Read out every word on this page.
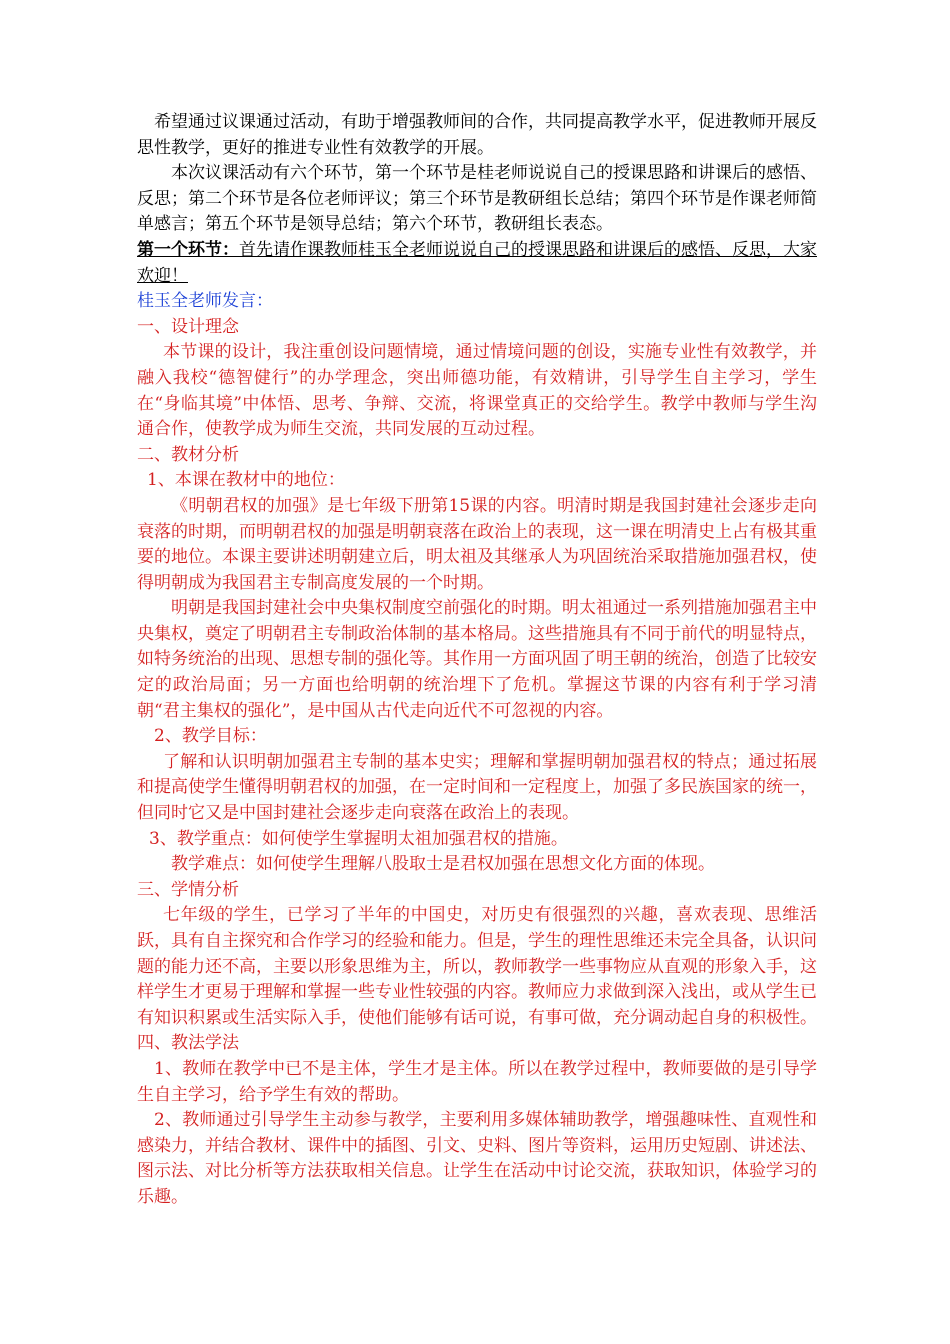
希望通过议课通过活动，有助于增强教师间的合作，共同提高教学水平，促进教师开展反思性教学，更好的推进专业性有效教学的开展。

本次议课活动有六个环节，第一个环节是桂老师说说自己的授课思路和讲课后的感悟、反思；第二个环节是各位老师评议；第三个环节是教研组长总结；第四个环节是作课老师简单感言；第五个环节是领导总结；第六个环节，教研组长表态。

第一个环节：首先请作课教师桂玉全老师说说自己的授课思路和讲课后的感悟、反思，大家欢迎！

桂玉全老师发言：

一、设计理念

本节课的设计，我注重创设问题情境，通过情境问题的创设，实施专业性有效教学，并融入我校“德智健行”的办学理念，突出师德功能，有效精讲，引导学生自主学习，学生在“身临其境”中体悟、思考、争辩、交流，将课堂真正的交给学生。教学中教师与学生沟通合作，使教学成为师生交流，共同发展的互动过程。

二、教材分析

1、本课在教材中的地位：

《明朝君权的加强》是七年级下册第15课的内容。明清时期是我国封建社会逐步走向衰落的时期，而明朝君权的加强是明朝衰落在政治上的表现，这一课在明清史上占有极其重要的地位。本课主要讲述明朝建立后，明太祖及其继承人为巩固统治采取措施加强君权，使得明朝成为我国君主专制高度发展的一个时期。

明朝是我国封建社会中央集权制度空前强化的时期。明太祖通过一系列措施加强君主中央集权，奠定了明朝君主专制政治体制的基本格局。这些措施具有不同于前代的明显特点，如特务统治的出现、思想专制的强化等。其作用一方面巩固了明王朝的统治，创造了比较安定的政治局面；另一方面也给明朝的统治埋下了危机。掌握这节课的内容有利于学习清朝“君主集权的强化”，是中国从古代走向近代不可忽视的内容。

2、教学目标：

了解和认识明朝加强君主专制的基本史实；理解和掌握明朝加强君权的特点；通过拓展和提高使学生懂得明朝君权的加强，在一定时间和一定程度上，加强了多民族国家的统一，但同时它又是中国封建社会逐步走向衰落在政治上的表现。

3、教学重点：如何使学生掌握明太祖加强君权的措施。

教学难点：如何使学生理解八股取士是君权加强在思想文化方面的体现。

三、学情分析

七年级的学生，已学习了半年的中国史，对历史有很强烈的兴趣，喜欢表现、思维活跃，具有自主探究和合作学习的经验和能力。但是，学生的理性思维还未完全具备，认识问题的能力还不高，主要以形象思维为主，所以，教师教学一些事物应从直观的形象入手，这样学生才更易于理解和掌握一些专业性较强的内容。教师应力求做到深入浅出，或从学生已有知识积累或生活实际入手，使他们能够有话可说，有事可做，充分调动起自身的积极性。

四、教法学法

1、教师在教学中已不是主体，学生才是主体。所以在教学过程中，教师要做的是引导学生自主学习，给予学生有效的帮助。

2、教师通过引导学生主动参与教学，主要利用多媒体辅助教学，增强趣味性、直观性和感染力，并结合教材、课件中的插图、引文、史料、图片等资料，运用历史短剧、讲述法、图示法、对比分析等方法获取相关信息。让学生在活动中讨论交流，获取知识，体验学习的乐趣。
